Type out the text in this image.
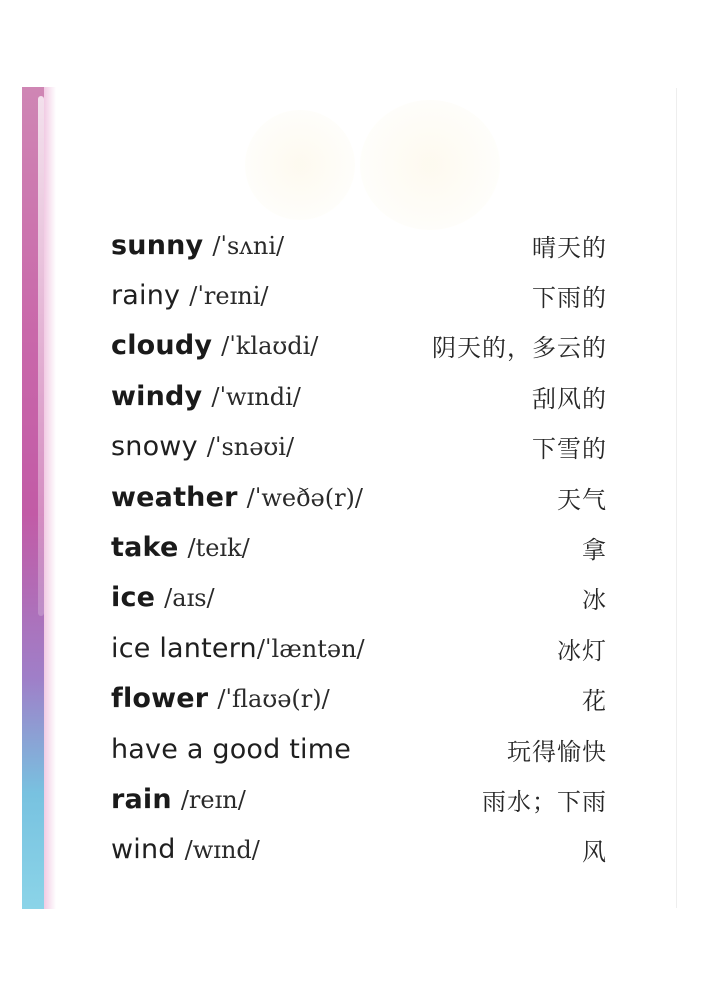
sunny /ˈsʌni/	晴天的
rainy /ˈreɪni/	下雨的
cloudy /ˈklaʊdi/	阴天的，多云的
windy /ˈwɪndi/	刮风的
snowy /ˈsnəʊi/	下雪的
weather /ˈweðə(r)/	天气
take /teɪk/	拿
ice /aɪs/	冰
ice lantern /ˈlæntən/	冰灯
flower /ˈflaʊə(r)/	花
have a good time	玩得愉快
rain /reɪn/	雨水；下雨
wind /wɪnd/	风
